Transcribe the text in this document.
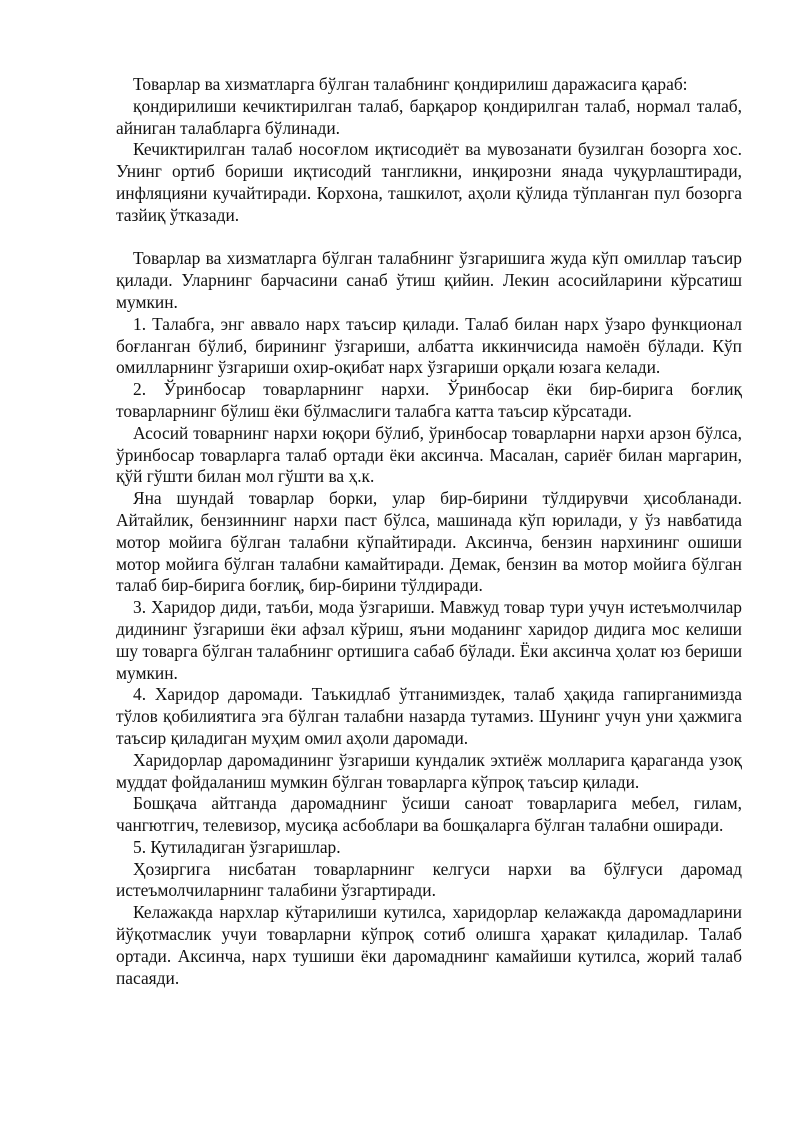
Товарлар ва хизматларга бўлган талабнинг қондирилиш даражасига қараб:

қондирилиши кечиктирилган талаб, барқарор қондирилган талаб, нормал талаб, айниган талабларга бўлинади.

Кечиктирилган талаб носоғлом иқтисодиёт ва мувозанати бузилган бозорга хос. Унинг ортиб бориши иқтисодий тангликни, инқирозни янада чуқурлаштиради, инфляцияни кучайтиради. Корхона, ташкилот, аҳоли қўлида тўпланган пул бозорга тазйиқ ўтказади.

Товарлар ва хизматларга бўлган талабнинг ўзгаришига жуда кўп омиллар таъсир қилади. Уларнинг барчасини санаб ўтиш қийин. Лекин асосийларини кўрсатиш мумкин.

1. Талабга, энг аввало нарх таъсир қилади. Талаб билан нарх ўзаро функционал боғланган бўлиб, бирининг ўзгариши, албатта иккинчисида намоён бўлади. Кўп омилларнинг ўзгариши охир-оқибат нарх ўзгариши орқали юзага келади.

2. Ўринбосар товарларнинг нархи. Ўринбосар ёки бир-бирига боғлиқ товарларнинг бўлиш ёки бўлмаслиги талабга катта таъсир кўрсатади.

Асосий товарнинг нархи юқори бўлиб, ўринбосар товарларни нархи арзон бўлса, ўринбосар товарларга талаб ортади ёки аксинча. Масалан, сариёғ билан маргарин, қўй гўшти билан мол гўшти ва ҳ.к.

Яна шундай товарлар борки, улар бир-бирини тўлдирувчи ҳисобланади. Айтайлик, бензиннинг нархи паст бўлса, машинада кўп юрилади, у ўз навбатида мотор мойига бўлган талабни кўпайтиради. Аксинча, бензин нархининг ошиши мотор мойига бўлган талабни камайтиради. Демак, бензин ва мотор мойига бўлган талаб бир-бирига боғлиқ, бир-бирини тўлдиради.

3. Харидор диди, таъби, мода ўзгариши. Мавжуд товар тури учун истеъмолчилар дидининг ўзгариши ёки афзал кўриш, яъни моданинг харидор дидига мос келиши шу товарга бўлган талабнинг ортишига сабаб бўлади. Ёки аксинча ҳолат юз бериши мумкин.

4. Харидор даромади. Таъкидлаб ўтганимиздек, талаб ҳақида гапирганимизда тўлов қобилиятига эга бўлган талабни назарда тутамиз. Шунинг учун уни ҳажмига таъсир қиладиган муҳим омил аҳоли даромади.

Харидорлар даромадининг ўзгариши кундалик эхтиёж молларига қараганда узоқ муддат фойдаланиш мумкин бўлган товарларга кўпроқ таъсир қилади.

Бошқача айтганда даромаднинг ўсиши саноат товарларига мебел, гилам, чангютгич, телевизор, мусиқа асбоблари ва бошқаларга бўлган талабни оширади.

5. Кутиладиган ўзгаришлар.

Ҳозиргига нисбатан товарларнинг келгуси нархи ва бўлғуси даромад истеъмолчиларнинг талабини ўзгартиради.

Келажакда нархлар кўтарилиши кутилса, харидорлар келажакда даромадларини йўқотмаслик учуи товарларни кўпроқ сотиб олишга ҳаракат қиладилар. Талаб ортади. Аксинча, нарх тушиши ёки даромаднинг камайиши кутилса, жорий талаб пасаяди.
